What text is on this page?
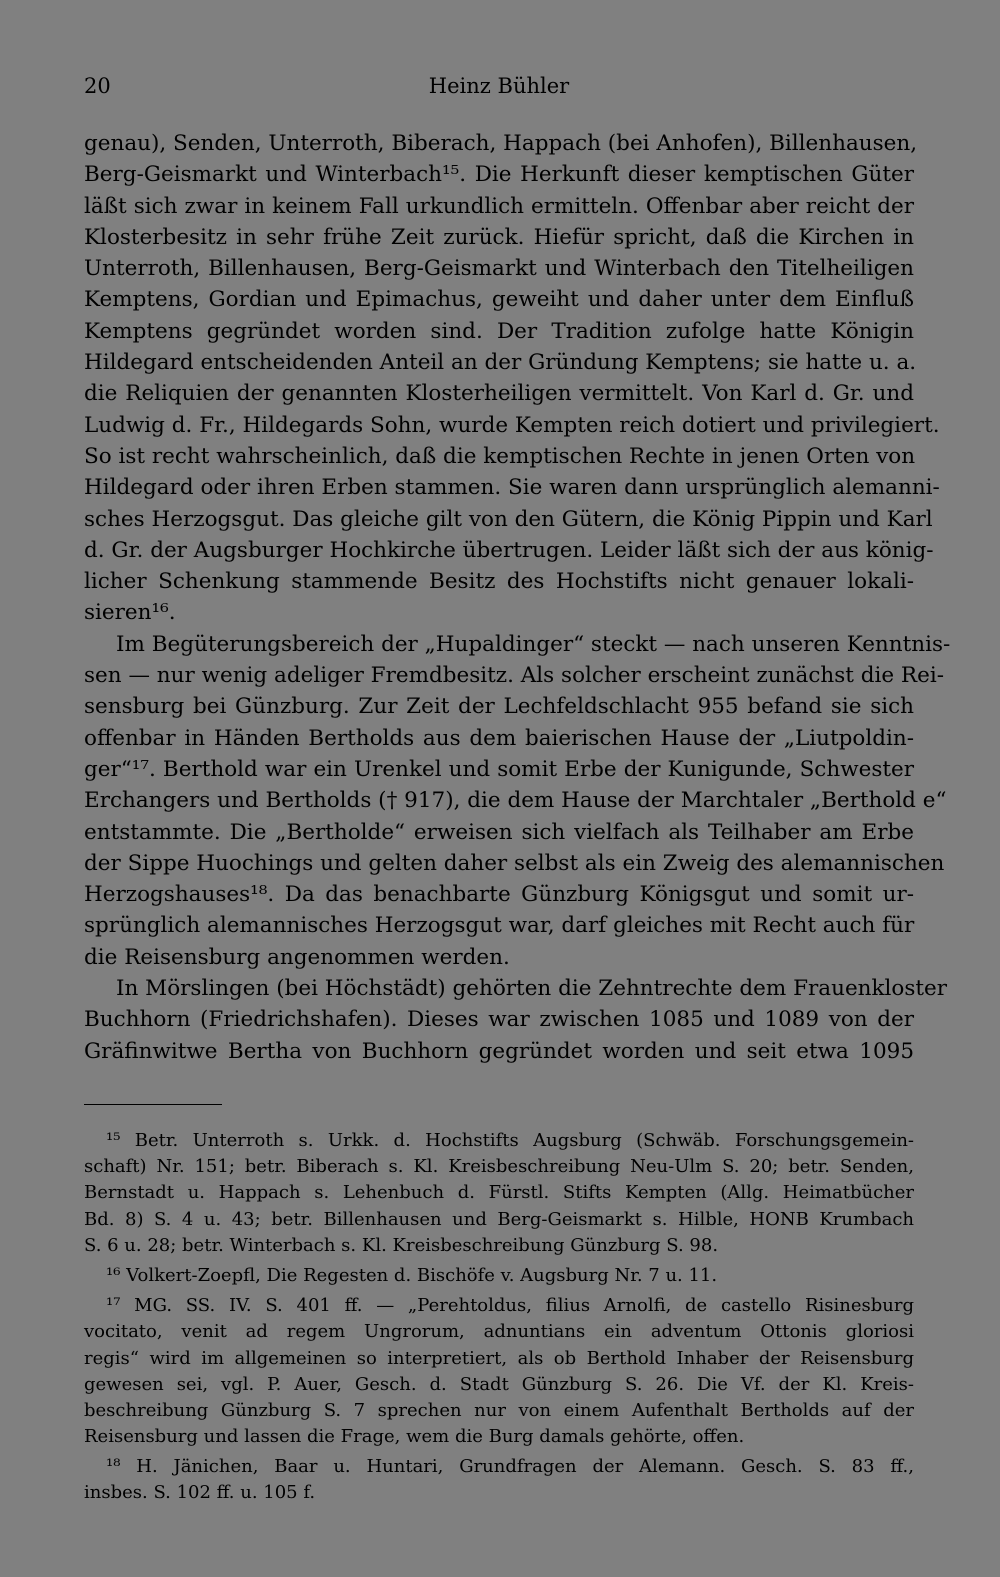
20	Heinz Bühler
genau), Senden, Unterroth, Biberach, Happach (bei Anhofen), Billenhausen,
Berg-Geismarkt und Winterbach¹⁵. Die Herkunft dieser kemptischen Güter
läßt sich zwar in keinem Fall urkundlich ermitteln. Offenbar aber reicht der
Klosterbesitz in sehr frühe Zeit zurück. Hiefür spricht, daß die Kirchen in
Unterroth, Billenhausen, Berg-Geismarkt und Winterbach den Titelheiligen
Kemptens, Gordian und Epimachus, geweiht und daher unter dem Einfluß
Kemptens gegründet worden sind. Der Tradition zufolge hatte Königin
Hildegard entscheidenden Anteil an der Gründung Kemptens; sie hatte u. a.
die Reliquien der genannten Klosterheiligen vermittelt. Von Karl d. Gr. und
Ludwig d. Fr., Hildegards Sohn, wurde Kempten reich dotiert und privilegiert.
So ist recht wahrscheinlich, daß die kemptischen Rechte in jenen Orten von
Hildegard oder ihren Erben stammen. Sie waren dann ursprünglich alemanni-
sches Herzogsgut. Das gleiche gilt von den Gütern, die König Pippin und Karl
d. Gr. der Augsburger Hochkirche übertrugen. Leider läßt sich der aus könig-
licher Schenkung stammende Besitz des Hochstifts nicht genauer lokali-
sieren¹⁶.
Im Begüterungsbereich der „Hupaldinger“ steckt — nach unseren Kenntnis-
sen — nur wenig adeliger Fremdbesitz. Als solcher erscheint zunächst die Rei-
sensburg bei Günzburg. Zur Zeit der Lechfeldschlacht 955 befand sie sich
offenbar in Händen Bertholds aus dem baierischen Hause der „Liutpoldin-
ger“¹⁷. Berthold war ein Urenkel und somit Erbe der Kunigunde, Schwester
Erchangers und Bertholds († 917), die dem Hause der Marchtaler „Berthold e“
entstammte. Die „Bertholde“ erweisen sich vielfach als Teilhaber am Erbe
der Sippe Huochings und gelten daher selbst als ein Zweig des alemannischen
Herzogshauses¹⁸. Da das benachbarte Günzburg Königsgut und somit ur-
sprünglich alemannisches Herzogsgut war, darf gleiches mit Recht auch für
die Reisensburg angenommen werden.
In Mörslingen (bei Höchstädt) gehörten die Zehntrechte dem Frauenkloster
Buchhorn (Friedrichshafen). Dieses war zwischen 1085 und 1089 von der
Gräfinwitwe Bertha von Buchhorn gegründet worden und seit etwa 1095
¹⁵ Betr. Unterroth s. Urkk. d. Hochstifts Augsburg (Schwäb. Forschungsgemein-
schaft) Nr. 151; betr. Biberach s. Kl. Kreisbeschreibung Neu-Ulm S. 20; betr. Senden,
Bernstadt u. Happach s. Lehenbuch d. Fürstl. Stifts Kempten (Allg. Heimatbücher
Bd. 8) S. 4 u. 43; betr. Billenhausen und Berg-Geismarkt s. Hilble, HONB Krumbach
S. 6 u. 28; betr. Winterbach s. Kl. Kreisbeschreibung Günzburg S. 98.
¹⁶ Volkert-Zoepfl, Die Regesten d. Bischöfe v. Augsburg Nr. 7 u. 11.
¹⁷ MG. SS. IV. S. 401 ff. — „Perehtoldus, filius Arnolfi, de castello Risinesburg
vocitato, venit ad regem Ungrorum, adnuntians ein adventum Ottonis gloriosi
regis“ wird im allgemeinen so interpretiert, als ob Berthold Inhaber der Reisensburg
gewesen sei, vgl. P. Auer, Gesch. d. Stadt Günzburg S. 26. Die Vf. der Kl. Kreis-
beschreibung Günzburg S. 7 sprechen nur von einem Aufenthalt Bertholds auf der
Reisensburg und lassen die Frage, wem die Burg damals gehörte, offen.
¹⁸ H. Jänichen, Baar u. Huntari, Grundfragen der Alemann. Gesch. S. 83 ff.,
insbes. S. 102 ff. u. 105 f.
